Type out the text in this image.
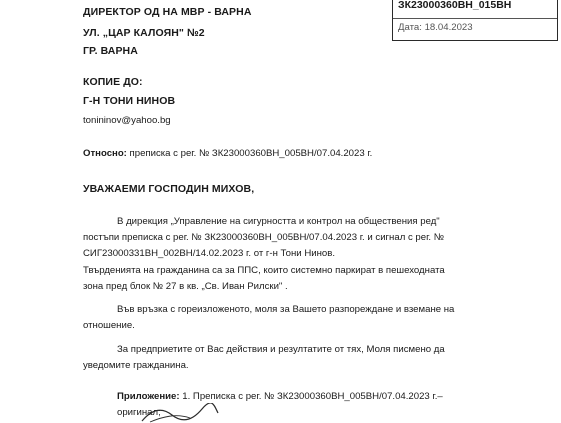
ЗК23000360ВН_015ВН
Дата: 18.04.2023
ДИРЕКТОР ОД НА МВР - ВАРНА
УЛ. „ЦАР КАЛОЯН" №2
ГР. ВАРНА
КОПИЕ ДО:
Г-Н ТОНИ НИНОВ
tonininov@yahoo.bg
Относно: преписка с рег. № ЗК23000360ВН_005ВН/07.04.2023 г.
УВАЖАЕМИ ГОСПОДИН МИХОВ,
В дирекция „Управление на сигурността и контрол на обществения ред"
постъпи преписка с рег. № ЗК23000360ВН_005ВН/07.04.2023 г. и сигнал с рег. №
СИГ23000331ВН_002ВН/14.02.2023 г. от г-н Тони Нинов.
Твърденията на гражданина са за ППС, които системно паркират в пешеходната
зона пред блок № 27 в кв. „Св. Иван Рилски" .
Във връзка с гореизложеното, моля за Вашето разпореждане и вземане на
отношение.
За предприетите от Вас действия и резултатите от тях, Моля писмено да
уведомите гражданина.
Приложение: 1. Преписка с рег. № ЗК23000360ВН_005ВН/07.04.2023 г.–
оригинал;
